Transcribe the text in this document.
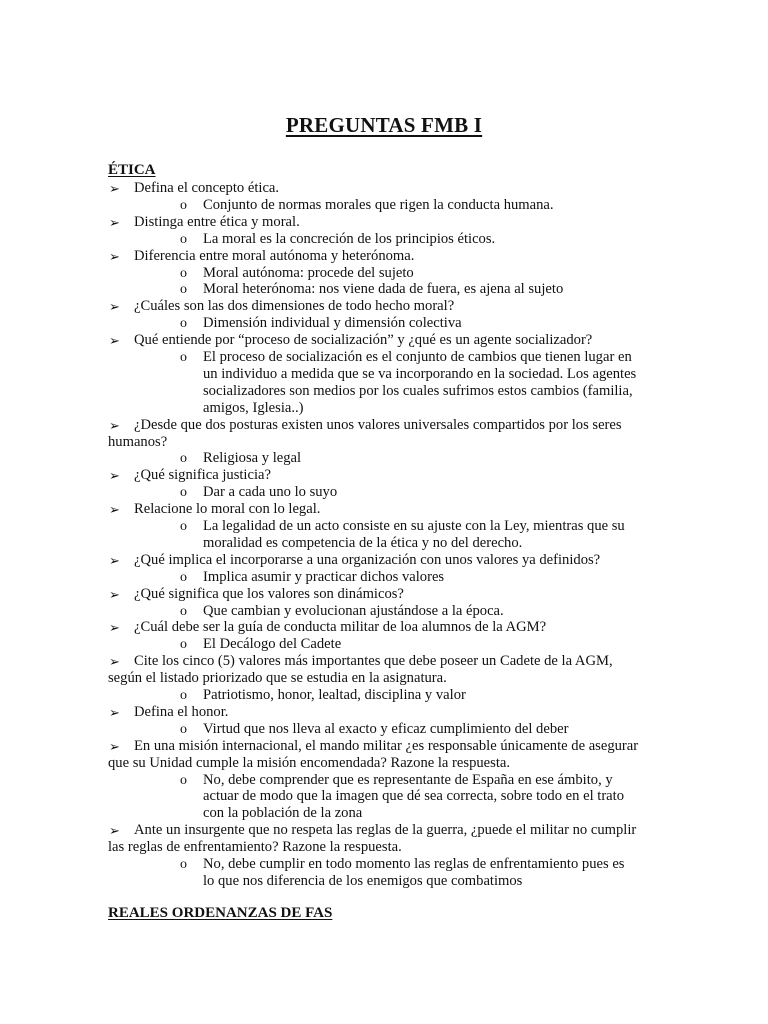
PREGUNTAS FMB I
ÉTICA
➢ Defina el concepto ética.
o Conjunto de normas morales que rigen la conducta humana.
➢ Distinga entre ética y moral.
o La moral es la concreción de los principios éticos.
➢ Diferencia entre moral autónoma y heterónoma.
o Moral autónoma: procede del sujeto
o Moral heterónoma: nos viene dada de fuera, es ajena al sujeto
➢ ¿Cuáles son las dos dimensiones de todo hecho moral?
o Dimensión individual y dimensión colectiva
➢ Qué entiende por “proceso de socialización” y ¿qué es un agente socializador?
o El proceso de socialización es el conjunto de cambios que tienen lugar en
un individuo a medida que se va incorporando en la sociedad. Los agentes
socializadores son medios por los cuales sufrimos estos cambios (familia,
amigos, Iglesia..)
➢ ¿Desde que dos posturas existen unos valores universales compartidos por los seres
humanos?
o Religiosa y legal
➢ ¿Qué significa justicia?
o Dar a cada uno lo suyo
➢ Relacione lo moral con lo legal.
o La legalidad de un acto consiste en su ajuste con la Ley, mientras que su
moralidad es competencia de la ética y no del derecho.
➢ ¿Qué implica el incorporarse a una organización con unos valores ya definidos?
o Implica asumir y practicar dichos valores
➢ ¿Qué significa que los valores son dinámicos?
o Que cambian y evolucionan ajustándose a la época.
➢ ¿Cuál debe ser la guía de conducta militar de loa alumnos de la AGM?
o El Decálogo del Cadete
➢ Cite los cinco (5) valores más importantes que debe poseer un Cadete de la AGM,
según el listado priorizado que se estudia en la asignatura.
o Patriotismo, honor, lealtad, disciplina y valor
➢ Defina el honor.
o Virtud que nos lleva al exacto y eficaz cumplimiento del deber
➢ En una misión internacional, el mando militar ¿es responsable únicamente de asegurar
que su Unidad cumple la misión encomendada? Razone la respuesta.
o No, debe comprender que es representante de España en ese ámbito, y
actuar de modo que la imagen que dé sea correcta, sobre todo en el trato
con la población de la zona
➢ Ante un insurgente que no respeta las reglas de la guerra, ¿puede el militar no cumplir
las reglas de enfrentamiento? Razone la respuesta.
o No, debe cumplir en todo momento las reglas de enfrentamiento pues es
lo que nos diferencia de los enemigos que combatimos
REALES ORDENANZAS DE FAS
